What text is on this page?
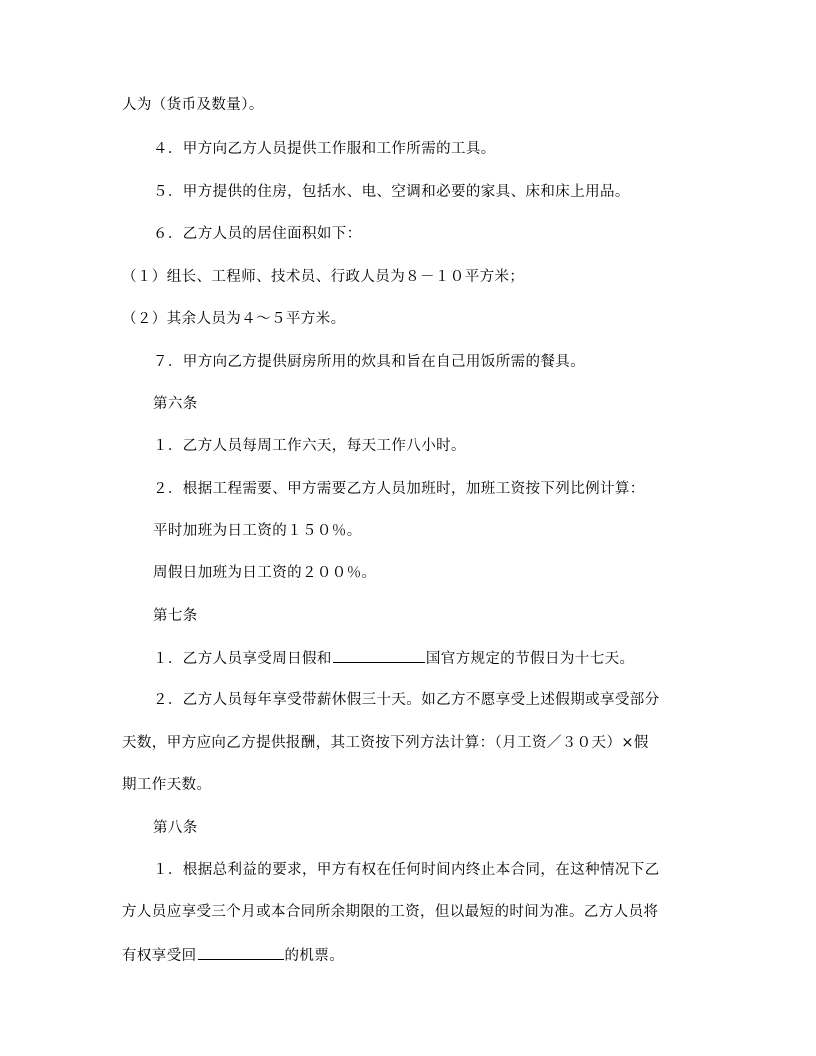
人为（货币及数量）。
４．甲方向乙方人员提供工作服和工作所需的工具。
５．甲方提供的住房，包括水、电、空调和必要的家具、床和床上用品。
６．乙方人员的居住面积如下：
（１）组长、工程师、技术员、行政人员为８－１０平方米；
（２）其余人员为４～５平方米。
７．甲方向乙方提供厨房所用的炊具和旨在自己用饭所需的餐具。
第六条
１．乙方人员每周工作六天，每天工作八小时。
２．根据工程需要、甲方需要乙方人员加班时，加班工资按下列比例计算：
平时加班为日工资的１５０％。
周假日加班为日工资的２００％。
第七条
１．乙方人员享受周日假和	国官方规定的节假日为十七天。
２．乙方人员每年享受带薪休假三十天。如乙方不愿享受上述假期或享受部分
天数，甲方应向乙方提供报酬，其工资按下列方法计算：（月工资／３０天）×假
期工作天数。
第八条
１．根据总利益的要求，甲方有权在任何时间内终止本合同，在这种情况下乙
方人员应享受三个月或本合同所余期限的工资，但以最短的时间为准。乙方人员将
有权享受回	的机票。
